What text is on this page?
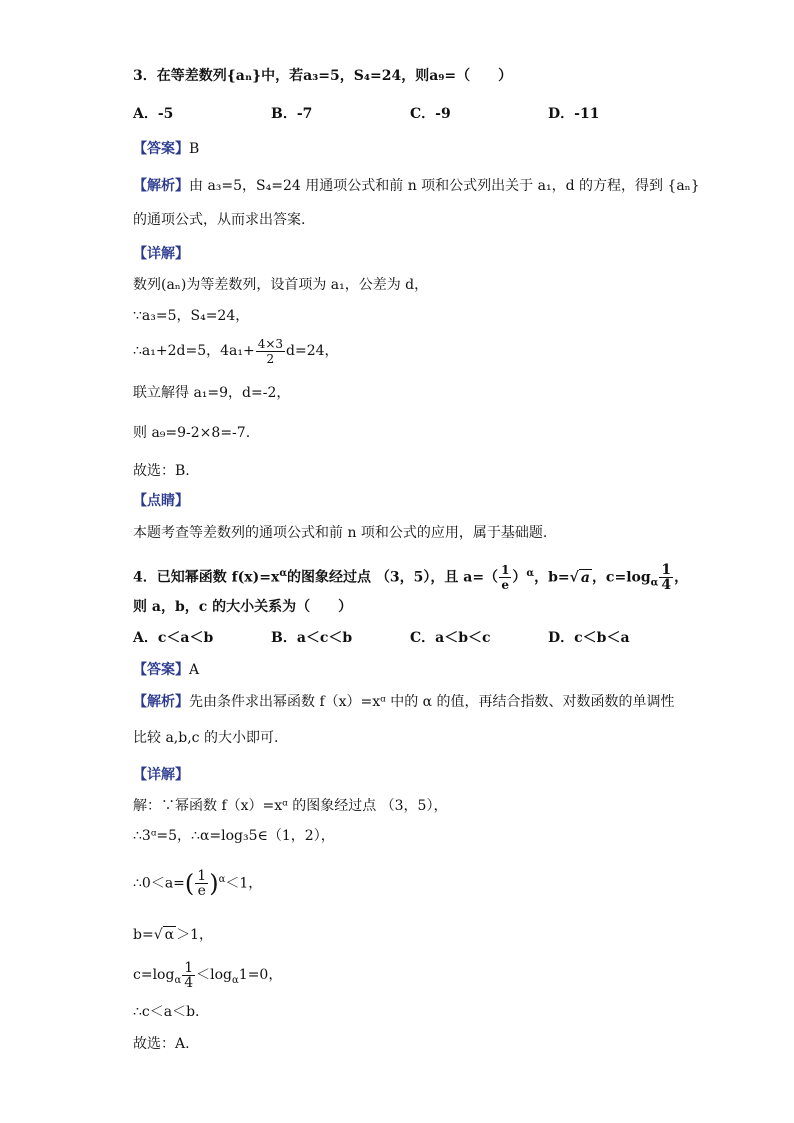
3．在等差数列{aₙ}中，若a₃=5，S₄=24，则a₉=（　　）
A．-5	B．-7	C．-9	D．-11
【答案】B
【解析】由 a₃=5，S₄=24 用通项公式和前 n 项和公式列出关于 a₁，d 的方程，得到 {aₙ}
的通项公式，从而求出答案.
【详解】
数列(aₙ)为等差数列，设首项为 a₁，公差为 d，
∵a₃=5，S₄=24，
∴a₁+2d=5，$4a_1+ \frac{4\times 3}{2} d=24$，
联立解得 a₁=9，d=-2，
则 a₉=9-2×8=-7.
故选：B.
【点睛】
本题考查等差数列的通项公式和前 n 项和公式的应用，属于基础题.
4．已知幂函数 $f(x)=x^\alpha$的图象经过点 （3，5），且 $a=( \frac{1}{e} )^\alpha$，b=√ a ，$c=\log_\alpha \frac{1}{4}$ ，
则 a，b，c 的大小关系为（　　）
A．c＜a＜b	B．a＜c＜b	C．a＜b＜c	D．c＜b＜a
【答案】A
【解析】先由条件求出幂函数 f（x）=xᵅ 中的 α 的值，再结合指数、对数函数的单调性
比较 a,b,c 的大小即可.
【详解】
解：∵幂函数 f（x）=xᵅ 的图象经过点 （3，5），
∴3ᵅ=5，∴α=log₃5∈（1，2），
∴0＜a=( $\frac{1}{e} )^\alpha<1$，
b=√ α ＞1，
$c=\log_\alpha \frac{1}{4} <\log_\alpha 1=0$，
∴c＜a＜b.
故选：A.
